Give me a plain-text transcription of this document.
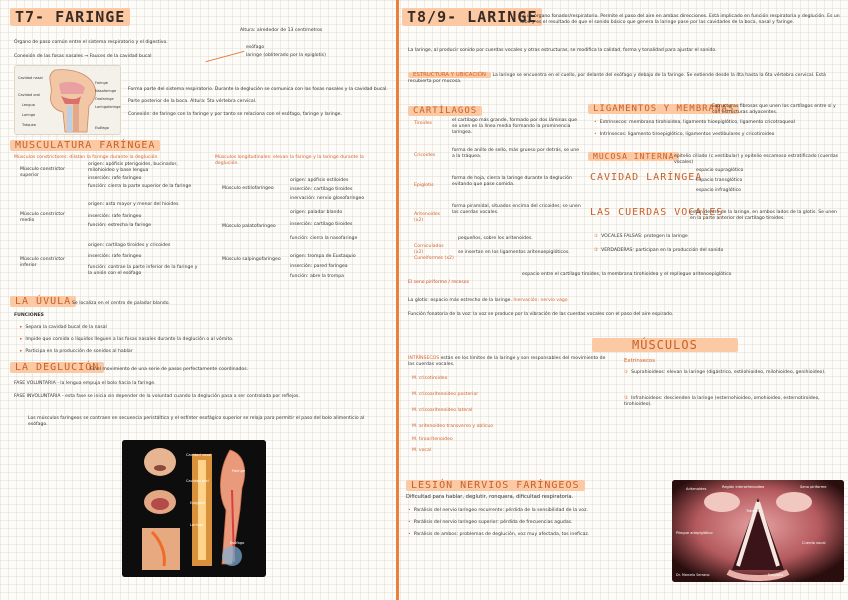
T7- FARINGE
Órgano de paso común entre el sistema respiratorio y el digestivo.
Conexión de las fosas nasales → Fauces de la cavidad bucal
Altura: alrededor de 13 centímetros
esófago
laringe (obliterado por la epiglotis)
Cavidad nasal
Faringe
Cavidad oral
Nasofaringe
Lengua
Orofaringe
Laringe
Laringofaringe
Tráquea
Esófago
Forma parte del sistema respiratorio. Durante la deglución se comunica con las fosas nasales y la cavidad bucal.
Parte posterior de la boca. Altura: 5ta vértebra cervical.
Conexión: de faringe con la faringe y por tanto se relaciona con el esófago, faringe y laringe.
MUSCULATURA FARÍNGEA
Músculos constrictores: dilatan la faringe durante la deglución.
Músculo constrictor superior
origen: apófisis pterigoides, bucinador, milohioideo y base lengua
inserción: rafe faríngeo
función: cierra la parte superior de la faringe
Músculo constrictor medio
origen: asta mayor y menor del hioides
inserción: rafe faríngeo
función: estrecha la faringe
Músculo constrictor inferior
origen: cartílago tiroides y cricoides
inserción: rafe faríngeo
función: contrae la parte inferior de la faringe y la unión con el esófago
Músculos longitudinales: elevan la faringe y la laringe durante la deglución.
Músculo estilofaríngeo
origen: apófisis estiloides
inserción: cartílago tiroides
inervación: nervio glosofaríngeo
Músculo palatofaríngeo
origen: paladar blando
inserción: cartílago tiroides
función: cierra la nasofaringe
Músculo salpingofaríngeo
origen: trompa de Eustaquio
inserción: pared faríngea
función: abre la trompa
LA ÚVULA Se localiza en el centro de paladar blando.
FUNCIONES
▸ Separa la cavidad bucal de la nasal
▸ Impide que comida o líquidos lleguen a las fosas nasales durante la deglución o al vómito.
▸ Participa en la producción de sonidos al hablar
LA DEGLUCIÓN
Es el movimiento de una serie de pasos perfectamente coordinados.
FASE VOLUNTARIA - la lengua empuja el bolo hacia la faringe.
FASE INVOLUNTARIA - esta fase se inicia sin depender de la voluntad cuando la deglución pasa a ser controlada por reflejos.
Los músculos faríngeos se contraen en secuencia peristáltica y el esfínter esofágico superior se relaja para permitir el paso del bolo alimenticio al esófago.
Cavidad nasal
Cavidad oral
Faringe
Epiglotis
Laringe
Esófago
T8/9- LARINGE
Es un órgano fonador/respiratorio. Permite el paso del aire en ambas direcciones. Está implicado en función respiratoria y deglución. Es un tubo y es el resultado de que el sonido básico que genera la laringe pase por las cavidades de la boca, nasal y faringe.
La laringe, al producir sonido por cuerdas vocales y otras estructuras, se modifica la calidad, forma y tonalidad para ajustar el sonido.
ESTRUCTURA Y UBICACIÓN La laringe se encuentra en el cuello, por delante del esófago y debajo de la faringe. Se extiende desde la 4ta hasta la 6ta vértebra cervical. Está recubierta por mucosa.
CARTÍLAGOS
Tiroides
el cartílago más grande, formado por dos láminas que se unen en la línea media formando la prominencia laríngea.
Cricoides
forma de anillo de sello, más grueso por detrás, se une a la tráquea.
Epiglotis
forma de hoja, cierra la laringe durante la deglución evitando que pase comida.
Aritenoides (x2)
forma piramidal, situados encima del cricoides; se unen las cuerdas vocales.
Corniculados (x2)
pequeños, sobre los aritenoides.
Cuneiformes (x2)
se insertan en los ligamentos aritenoepiglóticos.
LIGAMENTOS Y MEMBRANAS
Estructuras fibrosas que unen los cartílagos entre sí y con estructuras adyacentes.
• Extrínsecos: membrana tirohioidea, ligamento hioepiglótico, ligamento cricotraqueal
• Intrínsecos: ligamento tiroepiglótico, ligamentos vestibulares y cricotiroideo
MUCOSA INTERNA epitelio ciliado (c.vestibular) y epitelio escamoso estratificado (cuerdas vocales)
CAVIDAD LARÍNGEA
espacio supraglótico
espacio transglótico
espacio infraglótico
LAS CUERDAS VOCALES
están dentro de la laringe, en ambos lados de la glotis. Se unen en la parte anterior del cartílago tiroides.
① VOCALES FALSAS: protegen la laringe
② VERDADERAS: participan en la producción del sonido
El seno piriforme / recesos
espacio entre el cartílago tiroides, la membrana tirohioidea y el repliegue aritenoepiglótico
La glotis: espacio más estrecho de la laringe. Inervación: nervio vago
Función fonatoria de la voz: la voz se produce por la vibración de las cuerdas vocales con el paso del aire espirado.
MÚSCULOS
INTRÍNSECOS están en los límites de la laringe y son responsables del movimiento de las cuerdas vocales.
M. cricotiroideo
M. cricoaritenoideo posterior
M. cricoaritenoideo lateral
M. aritenoideo transverso y oblicuo
M. tiroaritenoideo
M. vocal
Extrínsecos
① Suprahioideos: elevan la laringe (digástrico, estilohioideo, milohioideo, genihioideo).
② Infrahioideos: descienden la laringe (esternohioideo, omohioideo, esternotiroideo, tirohioideo).
LESIÓN NERVIOS FARÍNGEOS
Dificultad para hablar, deglutir, ronquera, dificultad respiratoria.
• Parálisis del nervio laríngeo recurrente: pérdida de la sensibilidad de la voz.
• Parálisis del nervio laríngeo superior: pérdida de frecuencias agudas.
• Parálisis de ambos: problemas de deglución, voz muy afectada, tos ineficaz.
Aritenoides	Región interaritenoidea	Seno piriforme
Pliegue ariepiglótico
Tráquea
Cuerda vocal
Epiglotis
Dr. Marcelo Serrano
